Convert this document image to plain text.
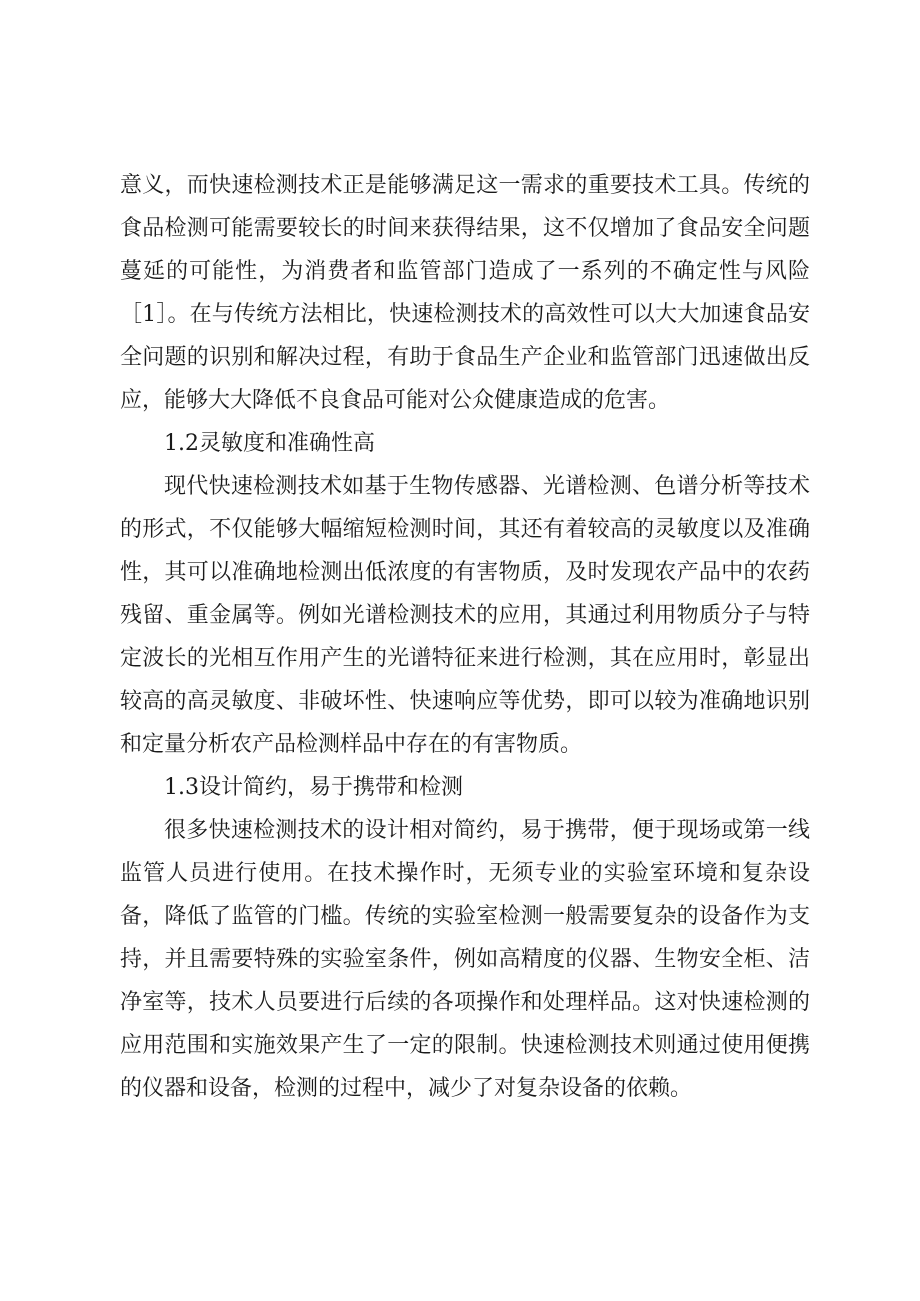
意义，而快速检测技术正是能够满足这一需求的重要技术工具。传统的食品检测可能需要较长的时间来获得结果，这不仅增加了食品安全问题蔓延的可能性，为消费者和监管部门造成了一系列的不确定性与风险［1］。在与传统方法相比，快速检测技术的高效性可以大大加速食品安全问题的识别和解决过程，有助于食品生产企业和监管部门迅速做出反应，能够大大降低不良食品可能对公众健康造成的危害。

1.2灵敏度和准确性高

现代快速检测技术如基于生物传感器、光谱检测、色谱分析等技术的形式，不仅能够大幅缩短检测时间，其还有着较高的灵敏度以及准确性，其可以准确地检测出低浓度的有害物质，及时发现农产品中的农药残留、重金属等。例如光谱检测技术的应用，其通过利用物质分子与特定波长的光相互作用产生的光谱特征来进行检测，其在应用时，彰显出较高的高灵敏度、非破坏性、快速响应等优势，即可以较为准确地识别和定量分析农产品检测样品中存在的有害物质。

1.3设计简约，易于携带和检测

很多快速检测技术的设计相对简约，易于携带，便于现场或第一线监管人员进行使用。在技术操作时，无须专业的实验室环境和复杂设备，降低了监管的门槛。传统的实验室检测一般需要复杂的设备作为支持，并且需要特殊的实验室条件，例如高精度的仪器、生物安全柜、洁净室等，技术人员要进行后续的各项操作和处理样品。这对快速检测的应用范围和实施效果产生了一定的限制。快速检测技术则通过使用便携的仪器和设备，检测的过程中，减少了对复杂设备的依赖。
